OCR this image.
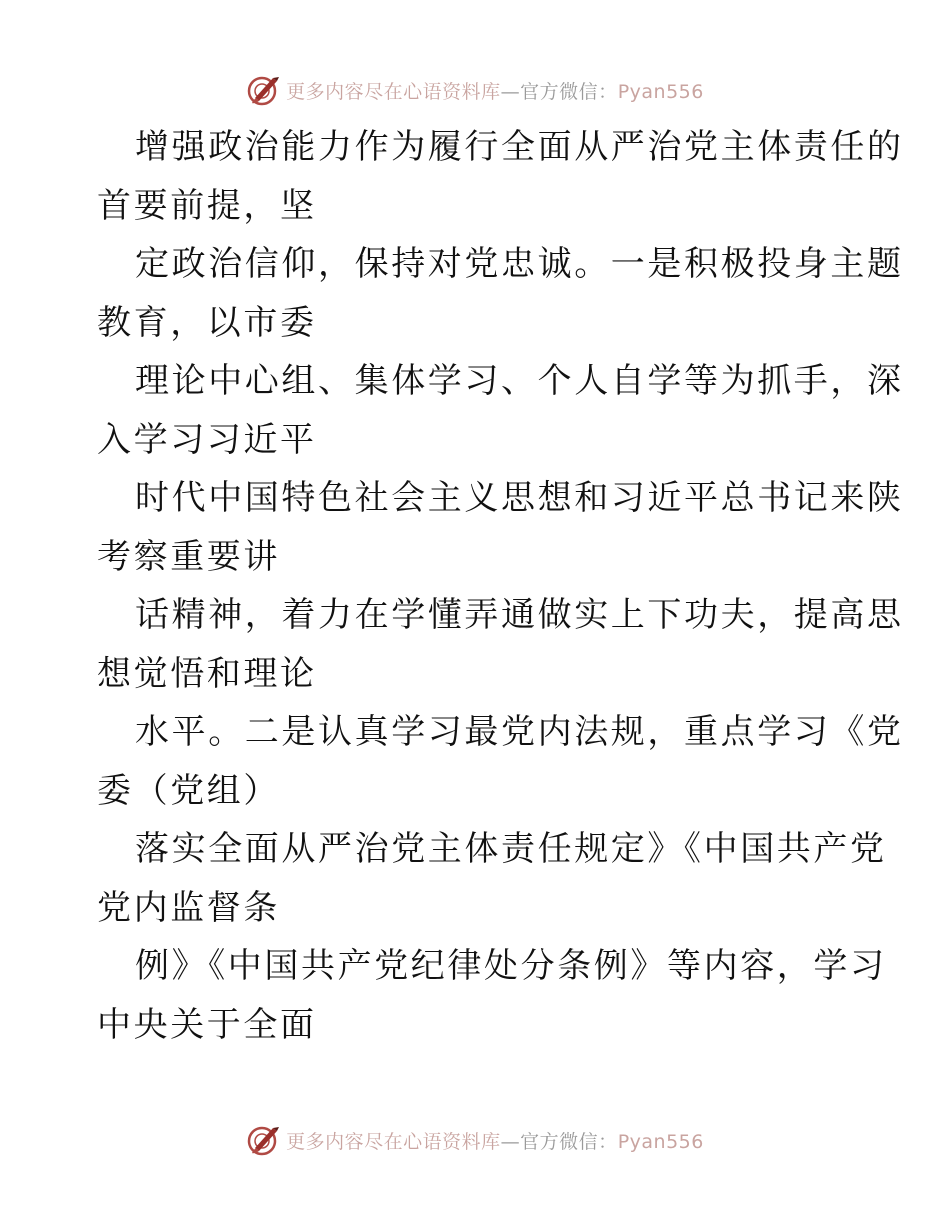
更多内容尽在心语资料库—官方微信：Pyan556
增强政治能力作为履行全面从严治党主体责任的
首要前提，坚
定政治信仰，保持对党忠诚。一是积极投身主题
教育，以市委
理论中心组、集体学习、个人自学等为抓手，深
入学习习近平
时代中国特色社会主义思想和习近平总书记来陕
考察重要讲
话精神，着力在学懂弄通做实上下功夫，提高思
想觉悟和理论
水平。二是认真学习最党内法规，重点学习《党
委（党组）
落实全面从严治党主体责任规定》《中国共产党
党内监督条
例》《中国共产党纪律处分条例》等内容，学习
中央关于全面
更多内容尽在心语资料库—官方微信：Pyan556
